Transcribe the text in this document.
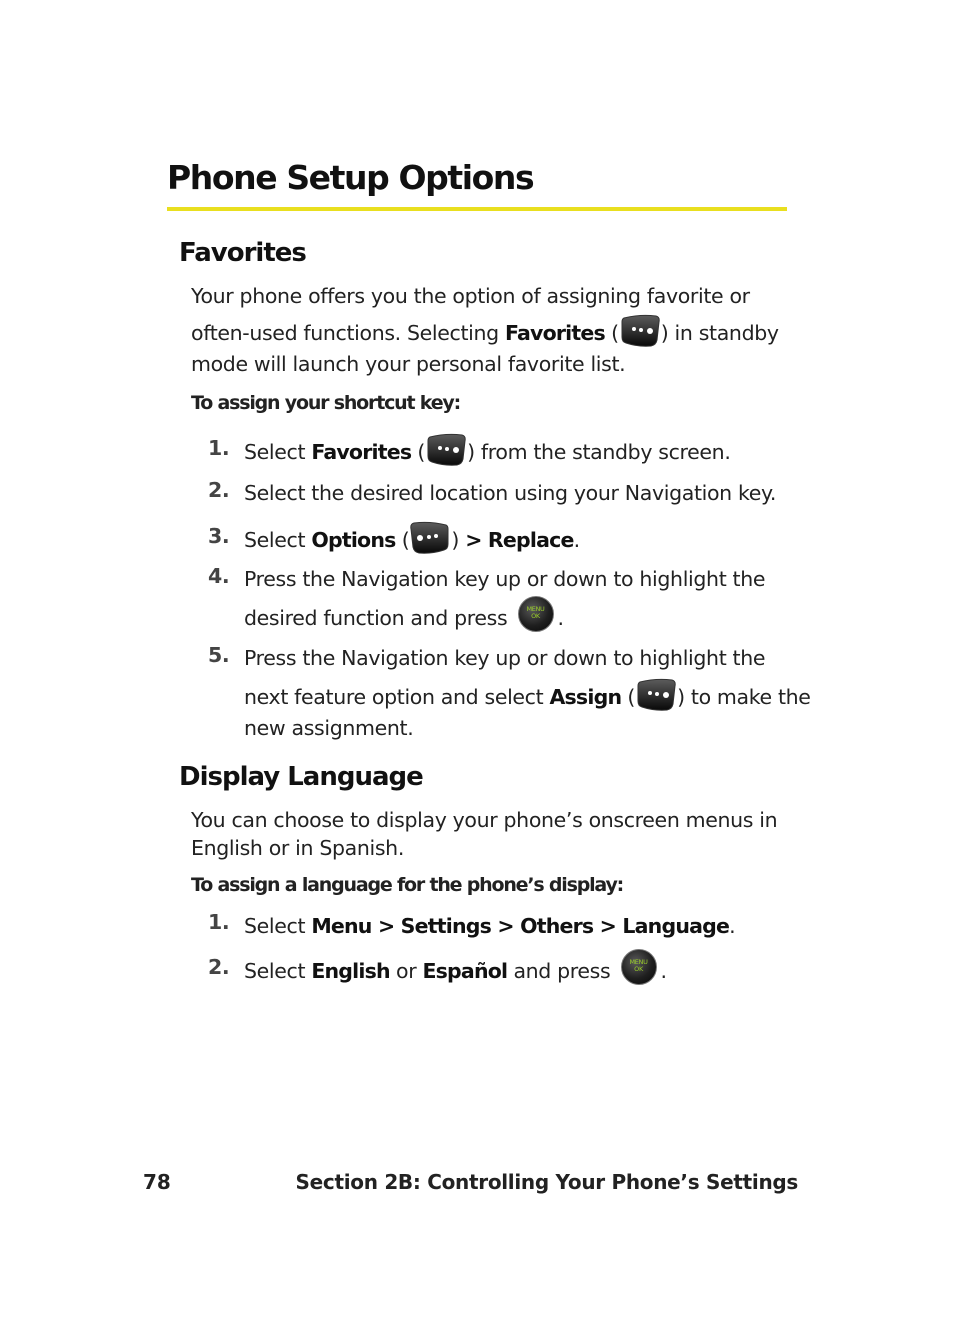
Phone Setup Options
Favorites
Your phone offers you the option of assigning favorite or
often-used functions. Selecting Favorites ( ) in standby
mode will launch your personal favorite list.
To assign your shortcut key:
1. Select Favorites ( ) from the standby screen.
2. Select the desired location using your Navigation key.
3. Select Options ( ) > Replace.
4. Press the Navigation key up or down to highlight the
desired function and press	MENU
OK .
5. Press the Navigation key up or down to highlight the
next feature option and select Assign ( ) to make the
new assignment.
Display Language
You can choose to display your phone’s onscreen menus in
English or in Spanish.
To assign a language for the phone’s display:
1. Select Menu > Settings > Others > Language.
2. Select English or Español and press	MENU
OK .
78	Section 2B: Controlling Your Phone’s Settings
